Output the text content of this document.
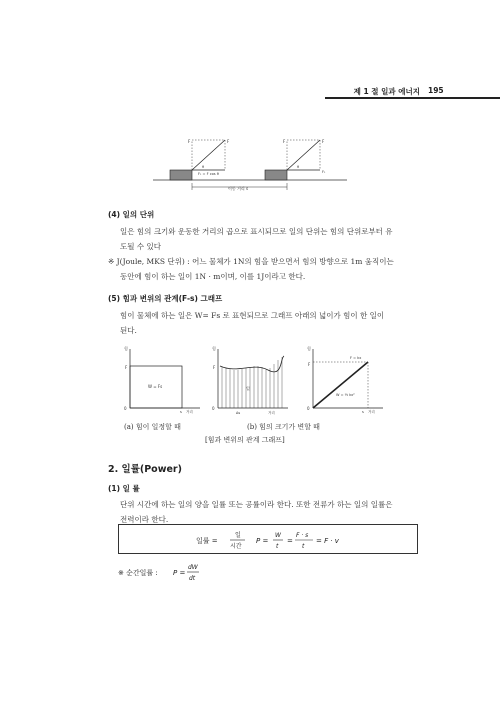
제 1 절 일과 에너지 195
F	F
θ
F₁ = F cos θ
F	F
θ
F₁
이동 거리 s
(4) 일의 단위
일은 힘의 크기와 운동한 거리의 곱으로 표시되므로 일의 단위는 힘의 단위로부터 유
도될 수 있다
※ J(Joule, MKS 단위) : 어느 물체가 1N의 힘을 받으면서 힘의 방향으로 1m 움직이는
동안에 힘이 하는 일이 1N · m이며, 이를 1J이라고 한다.
(5) 힘과 변위의 관계(F-s) 그래프
힘이 물체에 하는 일은 W= Fs 로 표현되므로 그래프 아래의 넓이가 힘이 한 일이
된다.
힘
F
0
s 거리
W = Fs
힘
F
0
일
Δs	거리
힘
F
0
F = kx
W = ½ kx²
s 거리
(a) 힘이 일정할 때	(b) 힘의 크기가 변할 때
[힘과 변위의 관계 그래프]
2. 일률(Power)
(1) 일 률
단위 시간에 하는 일의 양을 일률 또는 공률이라 한다. 또한 전류가 하는 일의 일률은
전력이라 한다.
일률 =
일
시간
P =
W
t
=
F · s
t
= F · v
※ 순간일률 : P =
dW
dt
